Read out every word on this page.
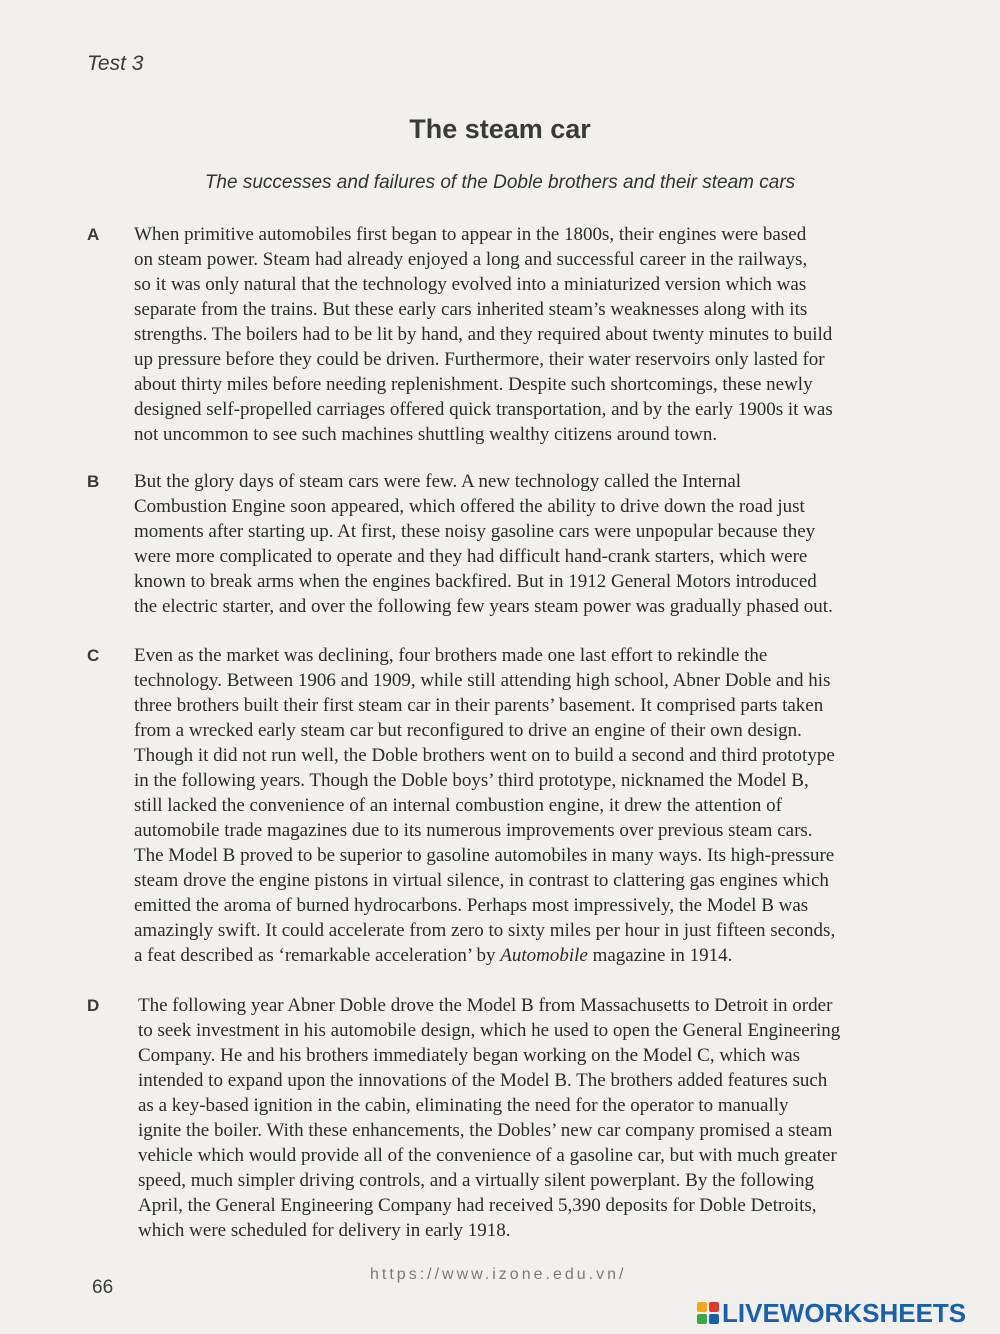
Test 3
The steam car
The successes and failures of the Doble brothers and their steam cars
A When primitive automobiles first began to appear in the 1800s, their engines were based
on steam power. Steam had already enjoyed a long and successful career in the railways,
so it was only natural that the technology evolved into a miniaturized version which was
separate from the trains. But these early cars inherited steam’s weaknesses along with its
strengths. The boilers had to be lit by hand, and they required about twenty minutes to build
up pressure before they could be driven. Furthermore, their water reservoirs only lasted for
about thirty miles before needing replenishment. Despite such shortcomings, these newly
designed self-propelled carriages offered quick transportation, and by the early 1900s it was
not uncommon to see such machines shuttling wealthy citizens around town.
B But the glory days of steam cars were few. A new technology called the Internal
Combustion Engine soon appeared, which offered the ability to drive down the road just
moments after starting up. At first, these noisy gasoline cars were unpopular because they
were more complicated to operate and they had difficult hand-crank starters, which were
known to break arms when the engines backfired. But in 1912 General Motors introduced
the electric starter, and over the following few years steam power was gradually phased out.
C Even as the market was declining, four brothers made one last effort to rekindle the
technology. Between 1906 and 1909, while still attending high school, Abner Doble and his
three brothers built their first steam car in their parents’ basement. It comprised parts taken
from a wrecked early steam car but reconfigured to drive an engine of their own design.
Though it did not run well, the Doble brothers went on to build a second and third prototype
in the following years. Though the Doble boys’ third prototype, nicknamed the Model B,
still lacked the convenience of an internal combustion engine, it drew the attention of
automobile trade magazines due to its numerous improvements over previous steam cars.
The Model B proved to be superior to gasoline automobiles in many ways. Its high-pressure
steam drove the engine pistons in virtual silence, in contrast to clattering gas engines which
emitted the aroma of burned hydrocarbons. Perhaps most impressively, the Model B was
amazingly swift. It could accelerate from zero to sixty miles per hour in just fifteen seconds,
a feat described as ‘remarkable acceleration’ by Automobile magazine in 1914.
D The following year Abner Doble drove the Model B from Massachusetts to Detroit in order
to seek investment in his automobile design, which he used to open the General Engineering
Company. He and his brothers immediately began working on the Model C, which was
intended to expand upon the innovations of the Model B. The brothers added features such
as a key-based ignition in the cabin, eliminating the need for the operator to manually
ignite the boiler. With these enhancements, the Dobles’ new car company promised a steam
vehicle which would provide all of the convenience of a gasoline car, but with much greater
speed, much simpler driving controls, and a virtually silent powerplant. By the following
April, the General Engineering Company had received 5,390 deposits for Doble Detroits,
which were scheduled for delivery in early 1918.
66
https://www.izone.edu.vn/
LIVEWORKSHEETS
